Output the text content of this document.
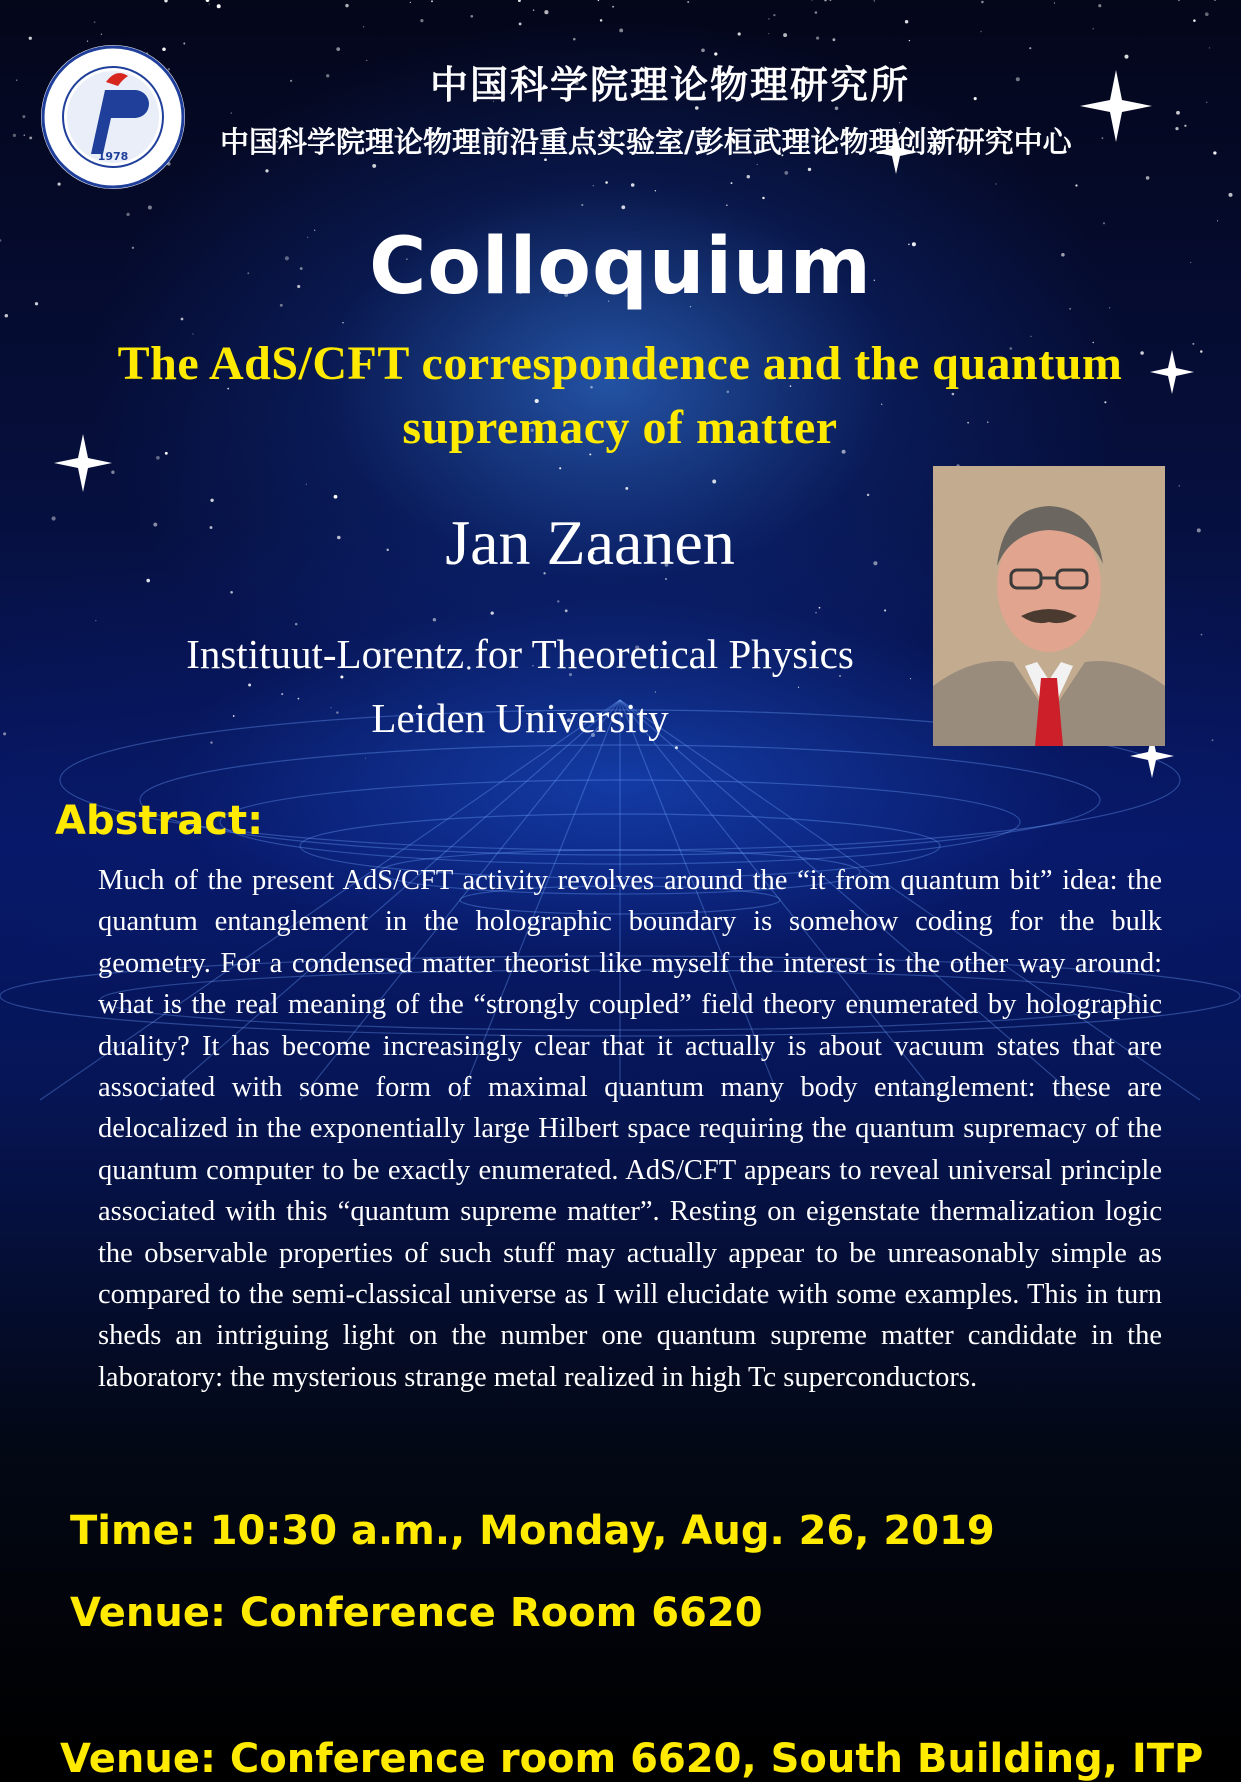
1978
中国科学院理论物理研究所
中国科学院理论物理前沿重点实验室/彭桓武理论物理创新研究中心
Colloquium
The AdS/CFT correspondence and the quantum
supremacy of matter
Jan Zaanen
Instituut-Lorentz for Theoretical Physics
Leiden University
Abstract:
Much of the present AdS/CFT activity revolves around the “it from quantum bit” idea: the quantum entanglement in the holographic boundary is somehow coding for the bulk geometry. For a condensed matter theorist like myself the interest is the other way around: what is the real meaning of the “strongly coupled” field theory enumerated by holographic duality? It has become increasingly clear that it actually is about vacuum states that are associated with some form of maximal quantum many body entanglement: these are delocalized in the exponentially large Hilbert space requiring the quantum supremacy of the quantum computer to be exactly enumerated. AdS/CFT appears to reveal universal principle associated with this “quantum supreme matter”. Resting on eigenstate thermalization logic the observable properties of such stuff may actually appear to be unreasonably simple as compared to the semi-classical universe as I will elucidate with some examples. This in turn sheds an intriguing light on the number one quantum supreme matter candidate in the laboratory: the mysterious strange metal realized in high Tc superconductors.
Time: 10:30 a.m., Monday, Aug. 26, 2019
Venue: Conference Room 6620
Venue: Conference room 6620, South Building, ITP
